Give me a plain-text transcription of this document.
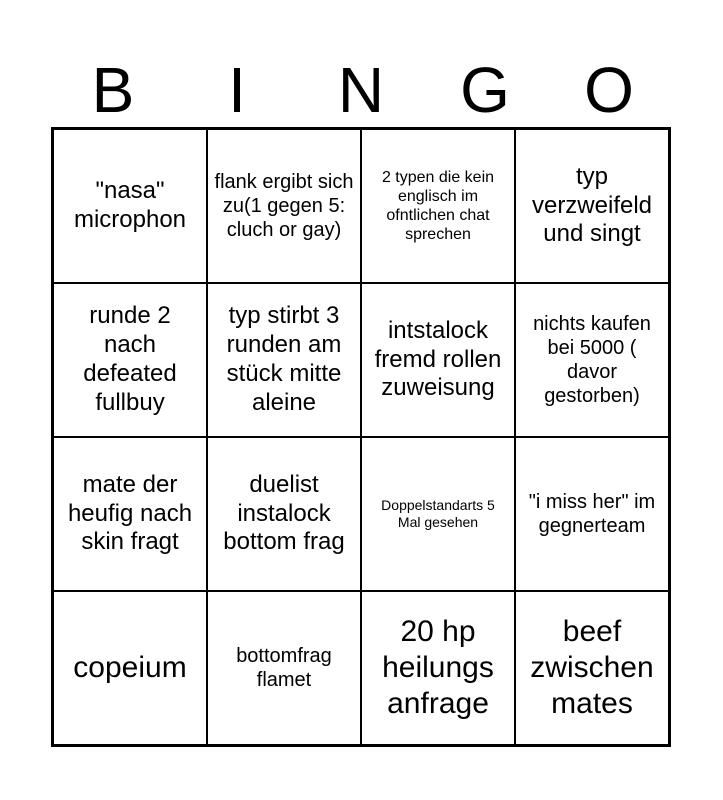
B	I	N	G	O
"nasa" microphon
flank ergibt sich zu(1 gegen 5: cluch or gay)
2 typen die kein englisch im ofntlichen chat sprechen
typ verzweifeld und singt
runde 2 nach defeated fullbuy
typ stirbt 3 runden am stück mitte aleine
intstalock fremd rollen zuweisung
nichts kaufen bei 5000 ( davor gestorben)
mate der heufig nach skin fragt
duelist instalock bottom frag
Doppelstandarts 5 Mal gesehen
"i miss her" im gegnerteam
copeium	bottomfrag flamet
20 hp heilungs anfrage
beef zwischen mates
